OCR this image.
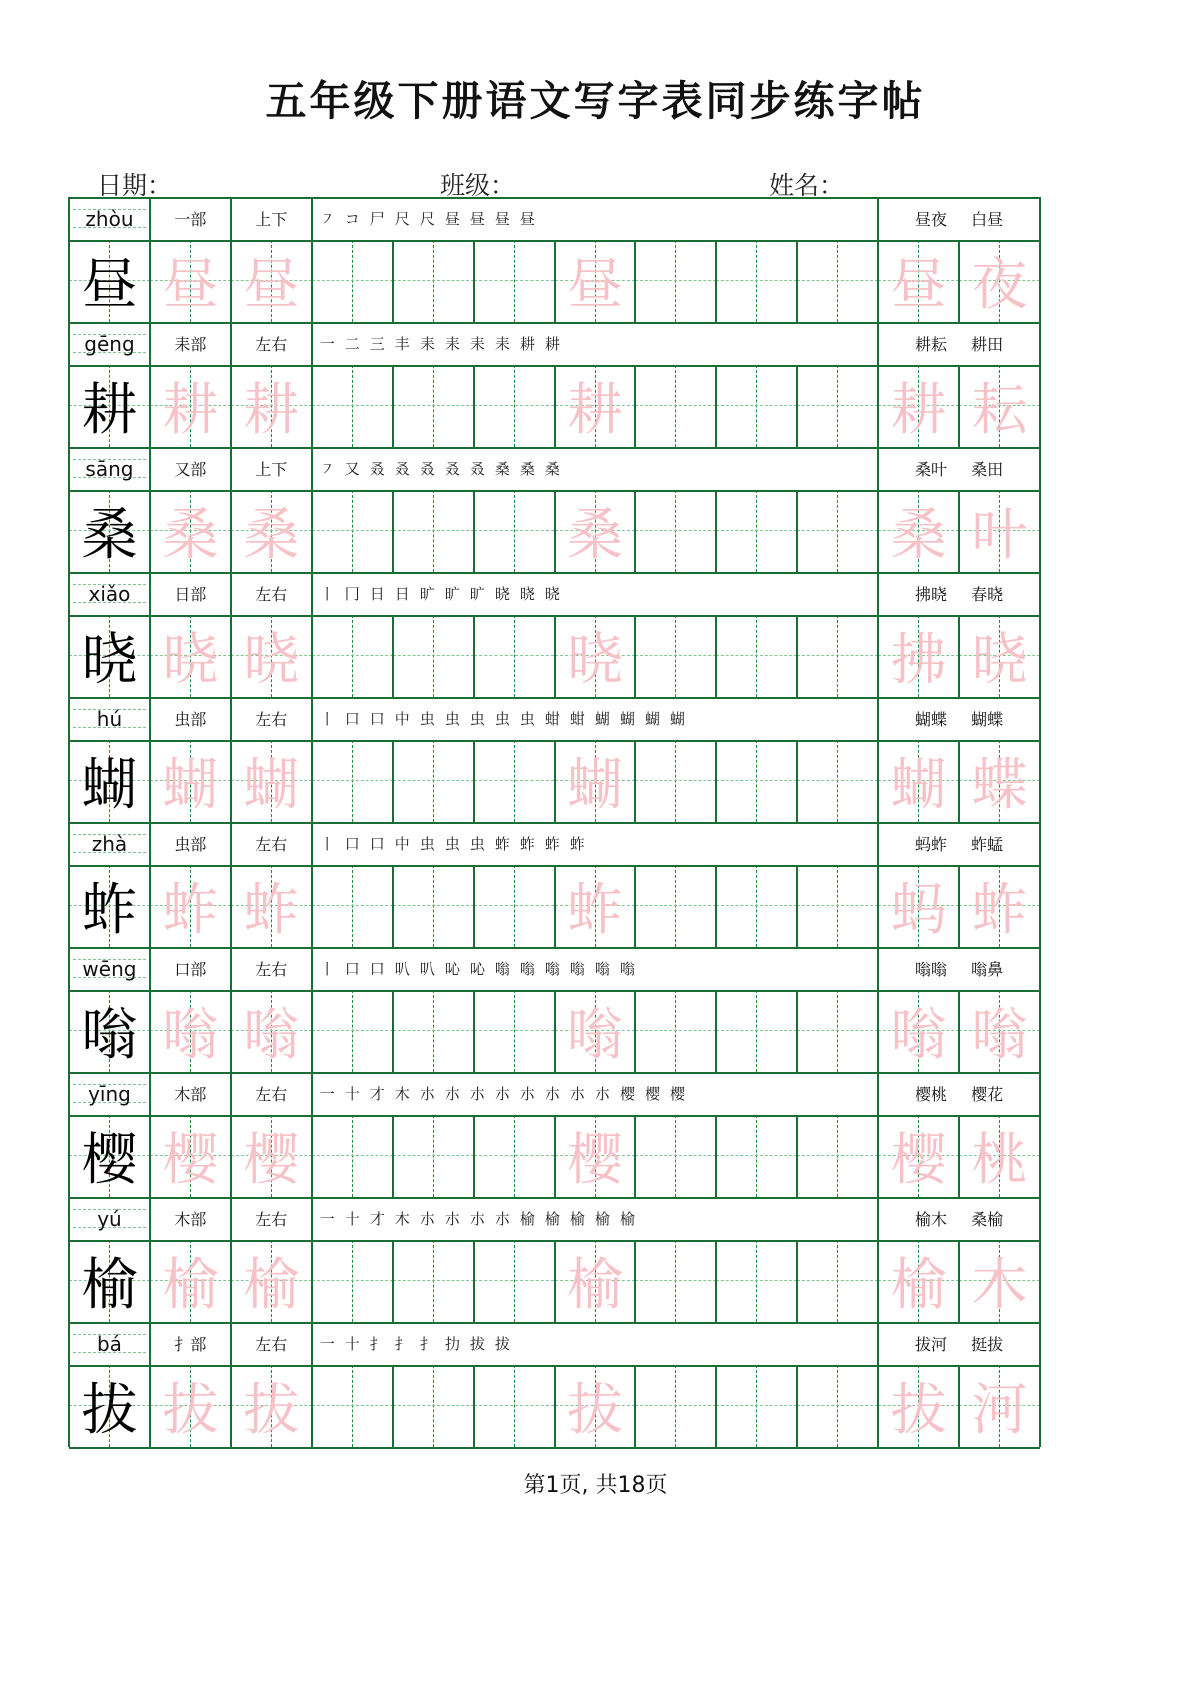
五年级下册语文写字表同步练字帖
日期：	班级：	姓名：
zhòu	一部	上下	㇇ コ 尸 尺 尺 昼 昼 昼 昼	昼夜 白昼
昼 昼 昼	昼	昼 夜
gēng	耒部	左右	一 二 三 丰 耒 耒 耒 耒 耕 耕	耕耘 耕田
耕 耕 耕	耕	耕 耘
sāng	又部	上下	㇇ 又 叒 叒 叒 叒 叒 桑 桑 桑	桑叶 桑田
桑 桑 桑	桑	桑 叶
xiǎo	日部	左右	丨 冂 日 日 旷 旷 旷 晓 晓 晓	拂晓 春晓
晓 晓 晓	晓	拂 晓
hú	虫部	左右	丨 口 口 中 虫 虫 虫 虫 虫 蚶 蚶 蝴 蝴 蝴 蝴	蝴蝶 蝴蝶
蝴 蝴 蝴	蝴	蝴 蝶
zhà	虫部	左右	丨 口 口 中 虫 虫 虫 蚱 蚱 蚱 蚱	蚂蚱 蚱蜢
蚱 蚱 蚱	蚱	蚂 蚱
wēng	口部	左右	丨 口 口 叭 叭 吣 吣 嗡 嗡 嗡 嗡 嗡 嗡	嗡嗡 嗡鼻
嗡 嗡 嗡	嗡	嗡 嗡
yīng	木部	左右	一 十 才 木 朩 朩 朩 朩 朩 朩 朩 朩 樱 樱 樱	樱桃 樱花
樱 樱 樱	樱	樱 桃
yú	木部	左右	一 十 才 木 朩 朩 朩 朩 榆 榆 榆 榆 榆	榆木 桑榆
榆 榆 榆	榆	榆 木
bá	扌部	左右	一 十 扌 扌 扌 扐 拔 拔	拔河 挺拔
拔 拔 拔	拔	拔 河
第1页, 共18页
